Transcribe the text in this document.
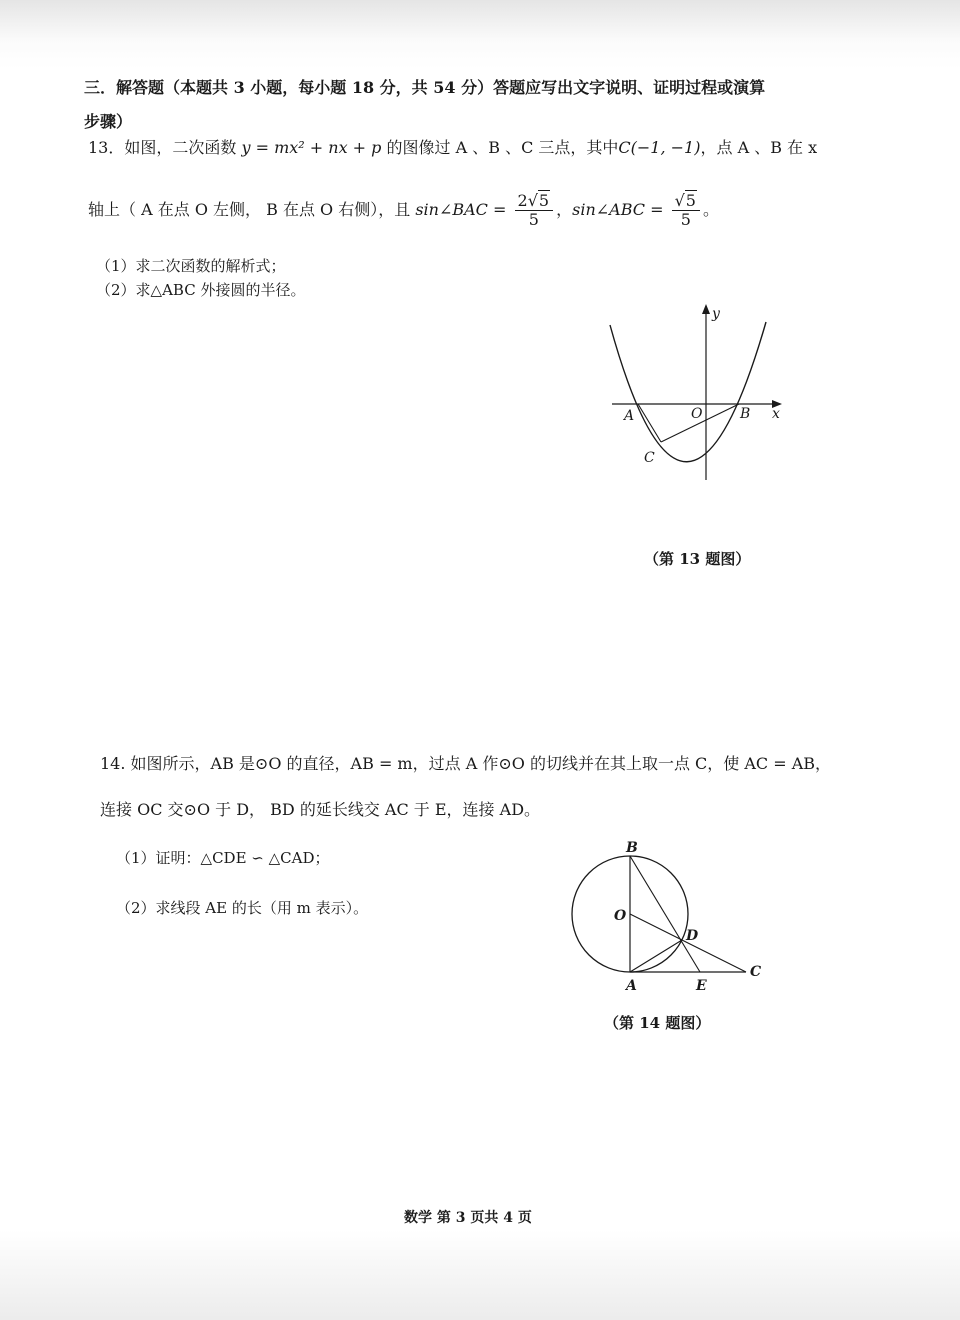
三．解答题（本题共 3 小题，每小题 18 分，共 54 分）答题应写出文字说明、证明过程或演算
步骤）
13．如图，二次函数 y = mx² + nx + p 的图像过 A 、B 、C 三点，其中C(−1, −1)，点 A 、B 在 x
轴上（ A 在点 O 左侧， B 在点 O 右侧），且 sin∠BAC = $\frac{2√5}{5}$ ，sin∠ABC = $\frac{√5}{5}$ 。
（1）求二次函数的解析式；
（2）求△ABC 外接圆的半径。
y
x
A	O	B
C
（第 13 题图）
14. 如图所示，AB 是⊙O 的直径，AB = m，过点 A 作⊙O 的切线并在其上取一点 C，使 AC = AB，
连接 OC 交⊙O 于 D， BD 的延长线交 AC 于 E，连接 AD。
（1）证明：△CDE ∽ △CAD；
（2）求线段 AE 的长（用 m 表示）。
B
O
D
A	E
C
（第 14 题图）
数学 第 3 页共 4 页
